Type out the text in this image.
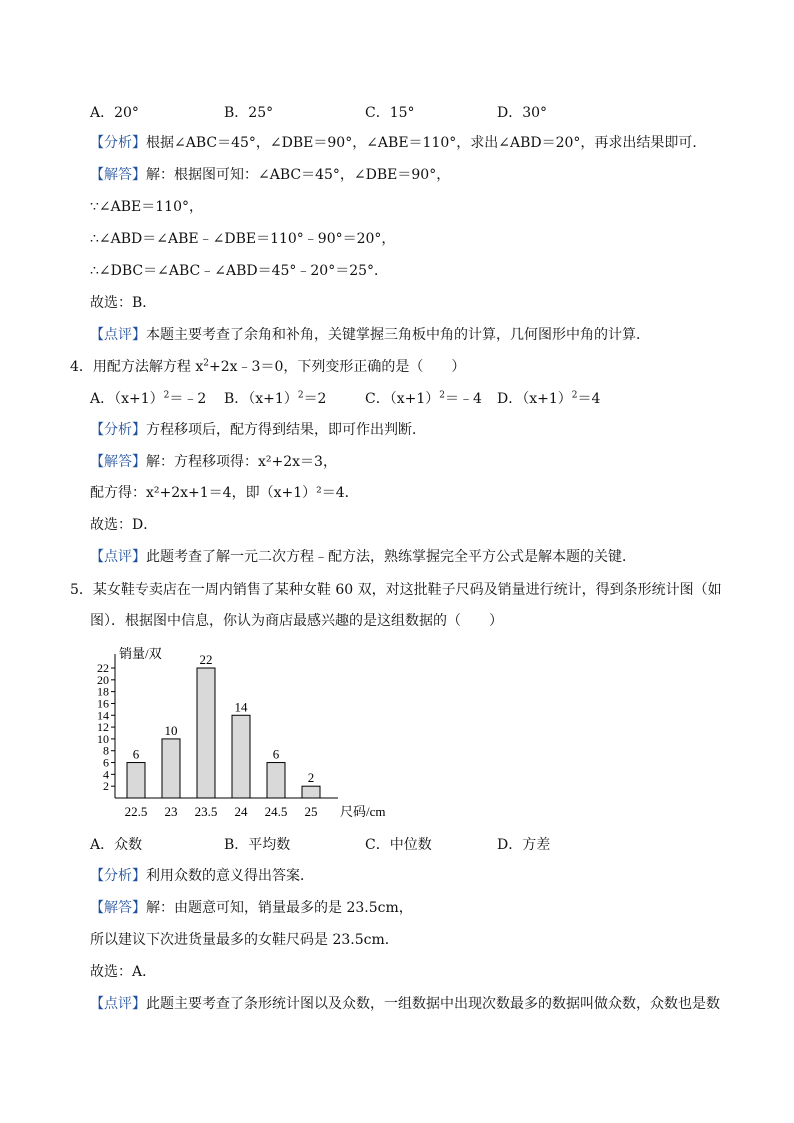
A．20°	B．25°	C．15°	D．30°
【分析】根据∠ABC＝45°，∠DBE＝90°，∠ABE＝110°，求出∠ABD＝20°，再求出结果即可．
【解答】解：根据图可知：∠ABC＝45°，∠DBE＝90°，
∵∠ABE＝110°，
∴∠ABD＝∠ABE﹣∠DBE＝110°﹣90°＝20°，
∴∠DBC＝∠ABC﹣∠ABD＝45°﹣20°＝25°．
故选：B．
【点评】本题主要考查了余角和补角，关键掌握三角板中角的计算，几何图形中角的计算．
4．用配方法解方程 $x^2+2x﹣3=0$，下列变形正确的是（　　）
A．$(x+1)^2=﹣2$ B．$(x+1)^2=2$	C．$(x+1)^2=﹣4$ D．$(x+1)^2=4$
【分析】方程移项后，配方得到结果，即可作出判断．
【解答】解：方程移项得：x²+2x＝3，
配方得：x²+2x+1＝4，即（x+1）²＝4．
故选：D．
【点评】此题考查了解一元二次方程﹣配方法，熟练掌握完全平方公式是解本题的关键．
5．某女鞋专卖店在一周内销售了某种女鞋 60 双，对这批鞋子尺码及销量进行统计，得到条形统计图（如
图）．根据图中信息，你认为商店最感兴趣的是这组数据的（　　）
2
4
6
8
10
12
14
16
18
20
22
销量/双
尺码/cm
6
22.5
10
23
22
23.5
14
24
6
24.5
2
25
A．众数	B．平均数	C．中位数	D．方差
【分析】利用众数的意义得出答案．
【解答】解：由题意可知，销量最多的是 23.5cm，
所以建议下次进货量最多的女鞋尺码是 23.5cm．
故选：A．
【点评】此题主要考查了条形统计图以及众数，一组数据中出现次数最多的数据叫做众数，众数也是数
